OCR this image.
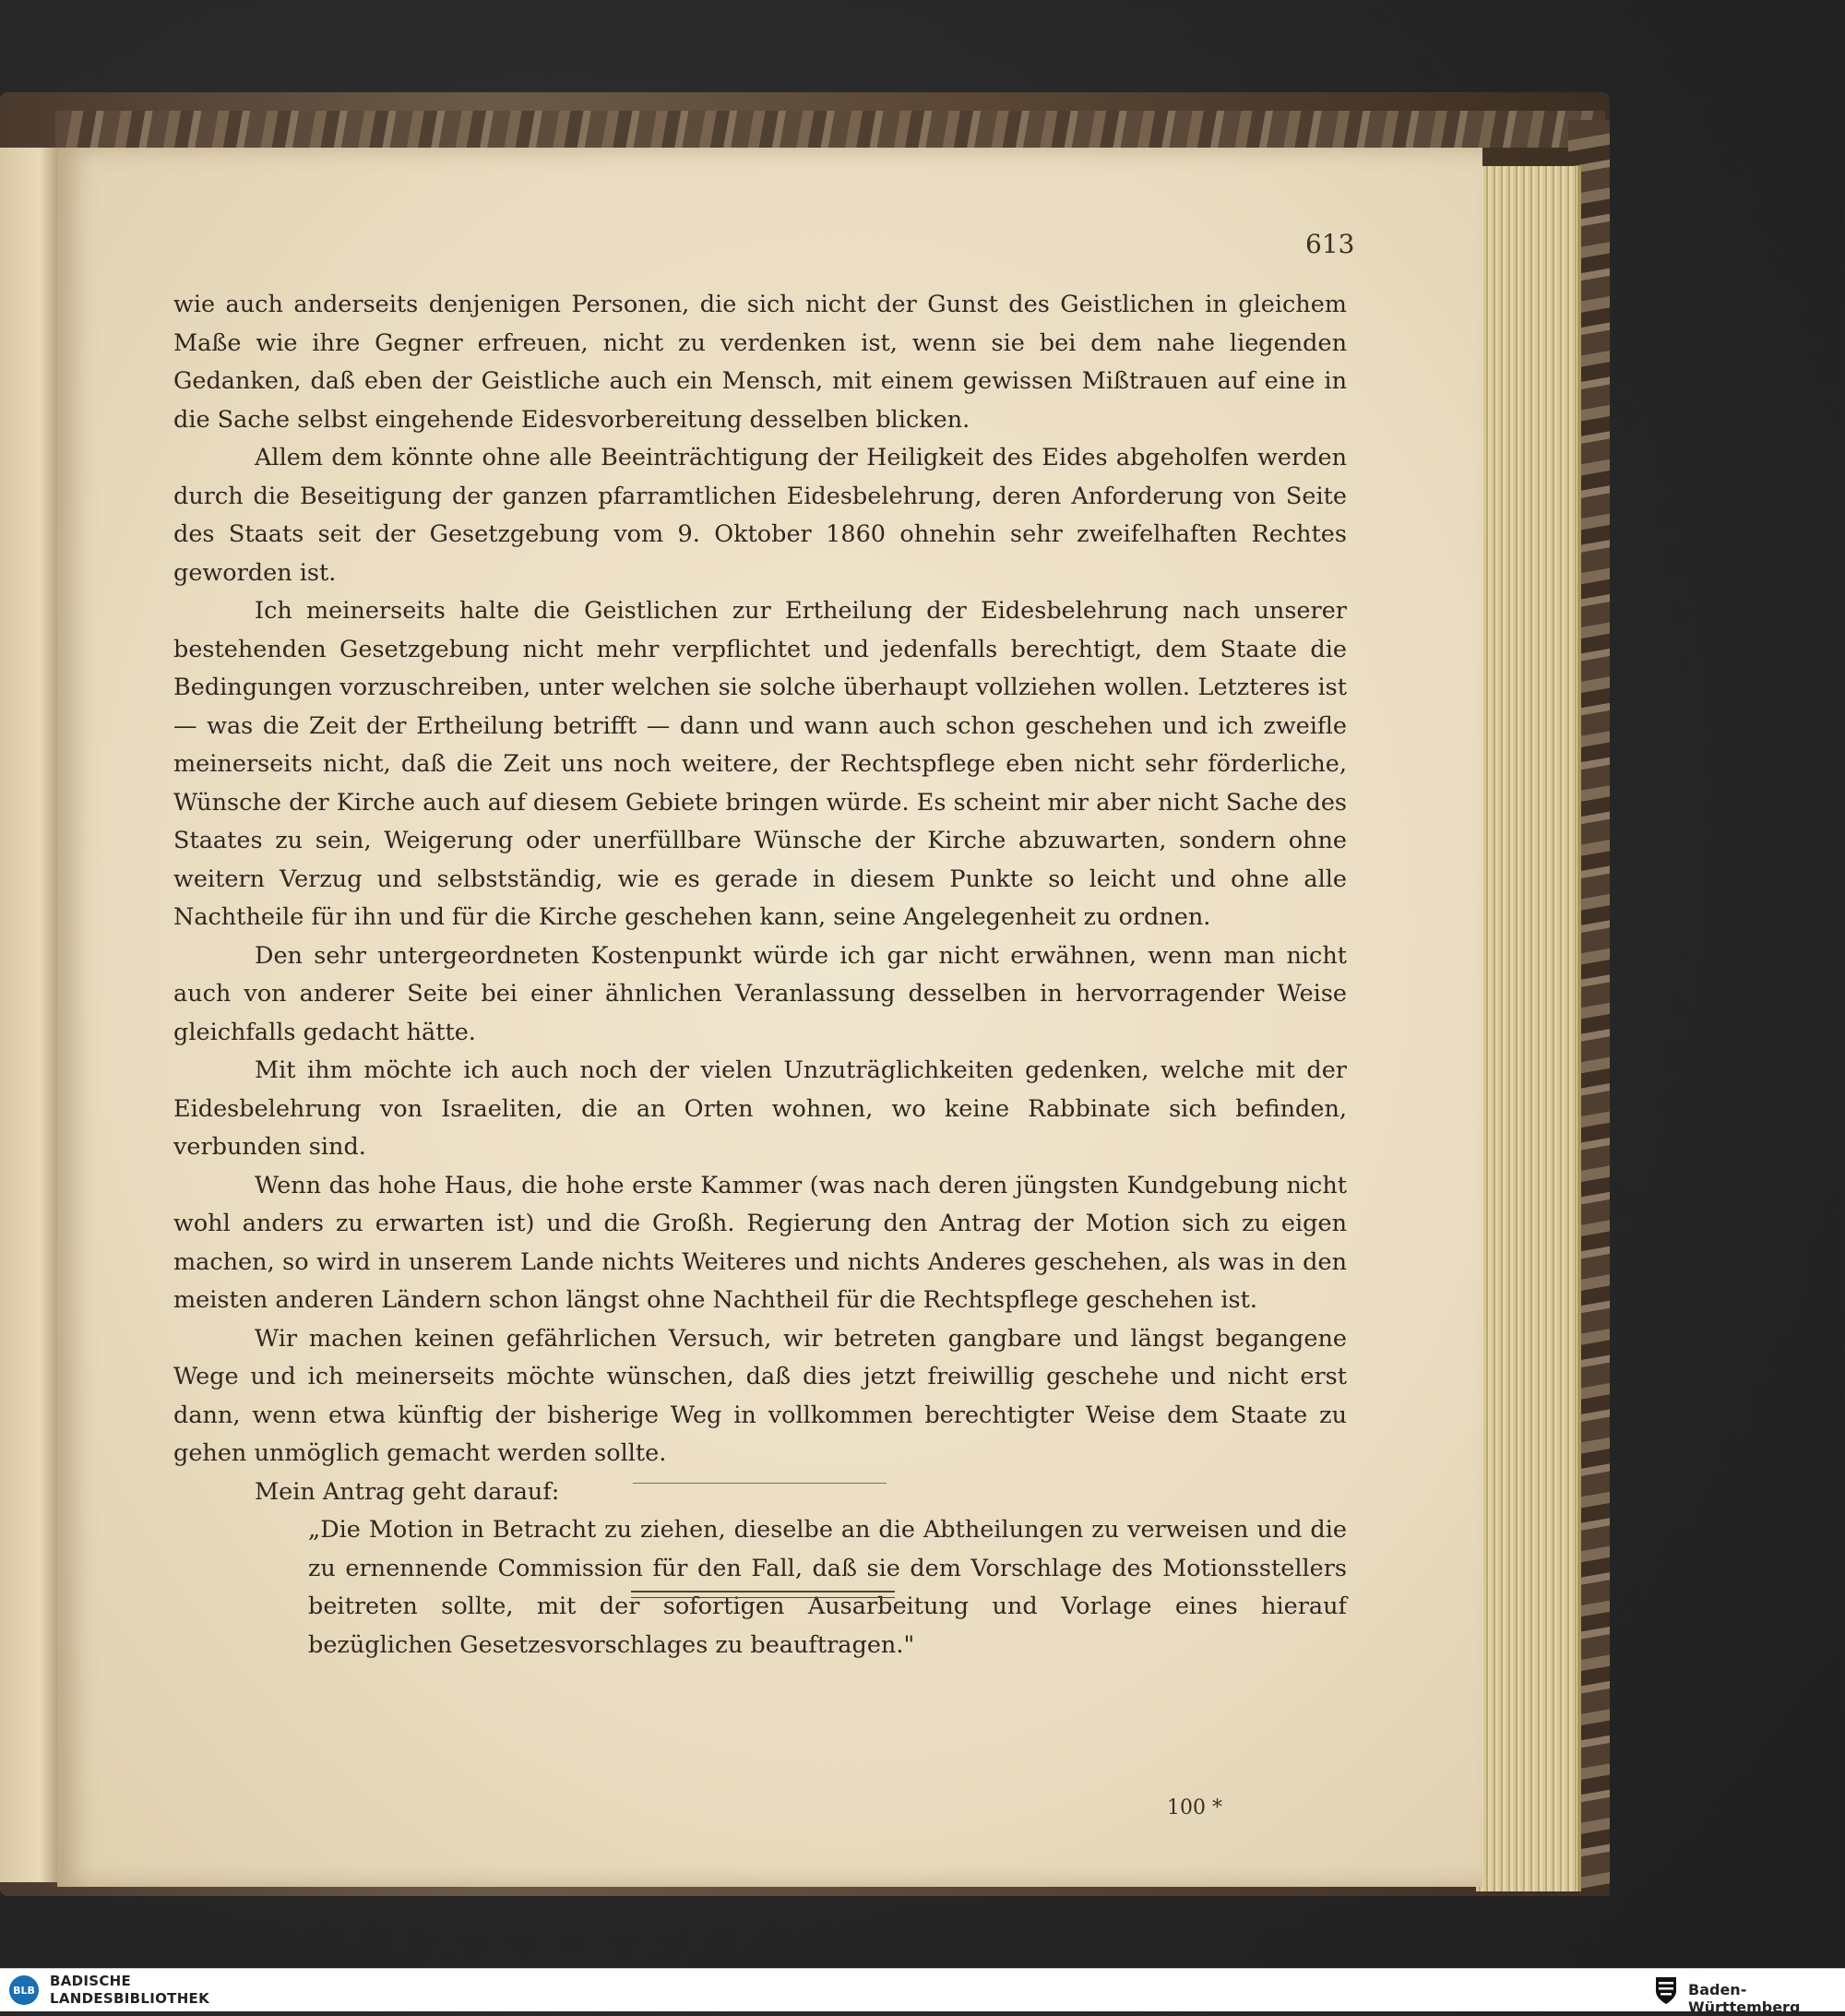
613

wie auch anderseits denjenigen Personen, die sich nicht der Gunst des Geistlichen in gleichem Maße wie ihre Gegner erfreuen, nicht zu verdenken ist, wenn sie bei dem nahe liegenden Gedanken, daß eben der Geistliche auch ein Mensch, mit einem gewissen Mißtrauen auf eine in die Sache selbst eingehende Eidesvorbereitung desselben blicken.

Allem dem könnte ohne alle Beeinträchtigung der Heiligkeit des Eides abgeholfen werden durch die Beseitigung der ganzen pfarramtlichen Eidesbelehrung, deren Anforderung von Seite des Staats seit der Gesetzgebung vom 9. Oktober 1860 ohnehin sehr zweifelhaften Rechtes geworden ist.

Ich meinerseits halte die Geistlichen zur Ertheilung der Eidesbelehrung nach unserer bestehenden Gesetzgebung nicht mehr verpflichtet und jedenfalls berechtigt, dem Staate die Bedingungen vorzuschreiben, unter welchen sie solche überhaupt vollziehen wollen. Letzteres ist — was die Zeit der Ertheilung betrifft — dann und wann auch schon geschehen und ich zweifle meinerseits nicht, daß die Zeit uns noch weitere, der Rechtspflege eben nicht sehr förderliche, Wünsche der Kirche auch auf diesem Gebiete bringen würde. Es scheint mir aber nicht Sache des Staates zu sein, Weigerung oder unerfüllbare Wünsche der Kirche abzuwarten, sondern ohne weitern Verzug und selbstständig, wie es gerade in diesem Punkte so leicht und ohne alle Nachtheile für ihn und für die Kirche geschehen kann, seine Angelegenheit zu ordnen.

Den sehr untergeordneten Kostenpunkt würde ich gar nicht erwähnen, wenn man nicht auch von anderer Seite bei einer ähnlichen Veranlassung desselben in hervorragender Weise gleichfalls gedacht hätte.

Mit ihm möchte ich auch noch der vielen Unzuträglichkeiten gedenken, welche mit der Eidesbelehrung von Israeliten, die an Orten wohnen, wo keine Rabbinate sich befinden, verbunden sind.

Wenn das hohe Haus, die hohe erste Kammer (was nach deren jüngsten Kundgebung nicht wohl anders zu erwarten ist) und die Großh. Regierung den Antrag der Motion sich zu eigen machen, so wird in unserem Lande nichts Weiteres und nichts Anderes geschehen, als was in den meisten anderen Ländern schon längst ohne Nachtheil für die Rechtspflege geschehen ist.

Wir machen keinen gefährlichen Versuch, wir betreten gangbare und längst begangene Wege und ich meinerseits möchte wünschen, daß dies jetzt freiwillig geschehe und nicht erst dann, wenn etwa künftig der bisherige Weg in vollkommen berechtigter Weise dem Staate zu gehen unmöglich gemacht werden sollte.

Mein Antrag geht darauf:

„Die Motion in Betracht zu ziehen, dieselbe an die Abtheilungen zu verweisen und die zu ernennende Commission für den Fall, daß sie dem Vorschlage des Motionsstellers beitreten sollte, mit der sofortigen Ausarbeitung und Vorlage eines hierauf bezüglichen Gesetzesvorschlages zu beauftragen."

100 *
BLB
BADISCHE
LANDESBIBLIOTHEK	Baden-Württemberg
